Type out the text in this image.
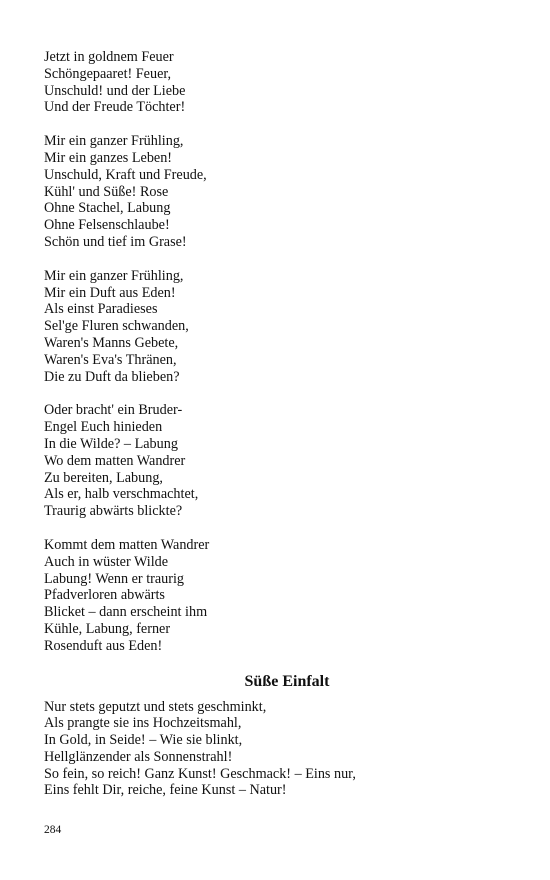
Jetzt in goldnem Feuer
Schöngepaaret! Feuer,
Unschuld! und der Liebe
Und der Freude Töchter!
Mir ein ganzer Frühling,
Mir ein ganzes Leben!
Unschuld, Kraft und Freude,
Kühl' und Süße! Rose
Ohne Stachel, Labung
Ohne Felsenschlaube!
Schön und tief im Grase!
Mir ein ganzer Frühling,
Mir ein Duft aus Eden!
Als einst Paradieses
Sel'ge Fluren schwanden,
Waren's Manns Gebete,
Waren's Eva's Thränen,
Die zu Duft da blieben?
Oder bracht' ein Bruder-
Engel Euch hinieden
In die Wilde? – Labung
Wo dem matten Wandrer
Zu bereiten, Labung,
Als er, halb verschmachtet,
Traurig abwärts blickte?
Kommt dem matten Wandrer
Auch in wüster Wilde
Labung! Wenn er traurig
Pfadverloren abwärts
Blicket – dann erscheint ihm
Kühle, Labung, ferner
Rosenduft aus Eden!
Süße Einfalt
Nur stets geputzt und stets geschminkt,
Als prangte sie ins Hochzeitsmahl,
In Gold, in Seide! – Wie sie blinkt,
Hellglänzender als Sonnenstrahl!
So fein, so reich! Ganz Kunst! Geschmack! – Eins nur,
Eins fehlt Dir, reiche, feine Kunst – Natur!
284
